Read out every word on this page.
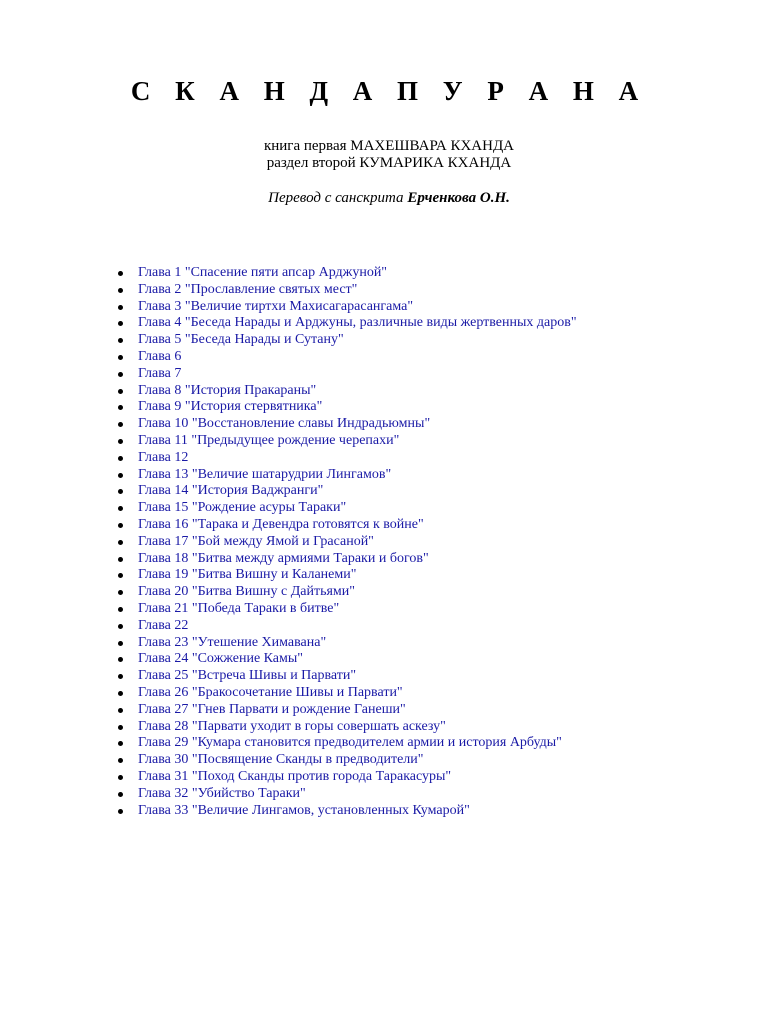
С К А Н Д А П У Р А Н А
книга первая МАХЕШВАРА КХАНДА
раздел второй КУМАРИКА КХАНДА
Перевод с санскрита Ерченкова О.Н.
Глава 1 "Спасение пяти апсар Арджуной"
Глава 2 "Прославление святых мест"
Глава 3 "Величие тиртхи Махисагарасангама"
Глава 4 "Беседа Нарады и Арджуны, различные виды жертвенных даров"
Глава 5 "Беседа Нарады и Сутану"
Глава 6
Глава 7
Глава 8 "История Пракараны"
Глава 9 "История стервятника"
Глава 10 "Восстановление славы Индрадьюмны"
Глава 11 "Предыдущее рождение черепахи"
Глава 12
Глава 13 "Величие шатарудрии Лингамов"
Глава 14 "История Ваджранги"
Глава 15 "Рождение асуры Тараки"
Глава 16 "Тарака и Девендра готовятся к войне"
Глава 17 "Бой между Ямой и Грасаной"
Глава 18 "Битва между армиями Тараки и богов"
Глава 19 "Битва Вишну и Каланеми"
Глава 20 "Битва Вишну с Дайтьями"
Глава 21 "Победа Тараки в битве"
Глава 22
Глава 23 "Утешение Химавана"
Глава 24 "Сожжение Камы"
Глава 25 "Встреча Шивы и Парвати"
Глава 26 "Бракосочетание Шивы и Парвати"
Глава 27 "Гнев Парвати и рождение Ганеши"
Глава 28 "Парвати уходит в горы совершать аскезу"
Глава 29 "Кумара становится предводителем армии и история Арбуды"
Глава 30 "Посвящение Сканды в предводители"
Глава 31 "Поход Сканды против города Таракасуры"
Глава 32 "Убийство Тараки"
Глава 33 "Величие Лингамов, установленных Кумарой"
